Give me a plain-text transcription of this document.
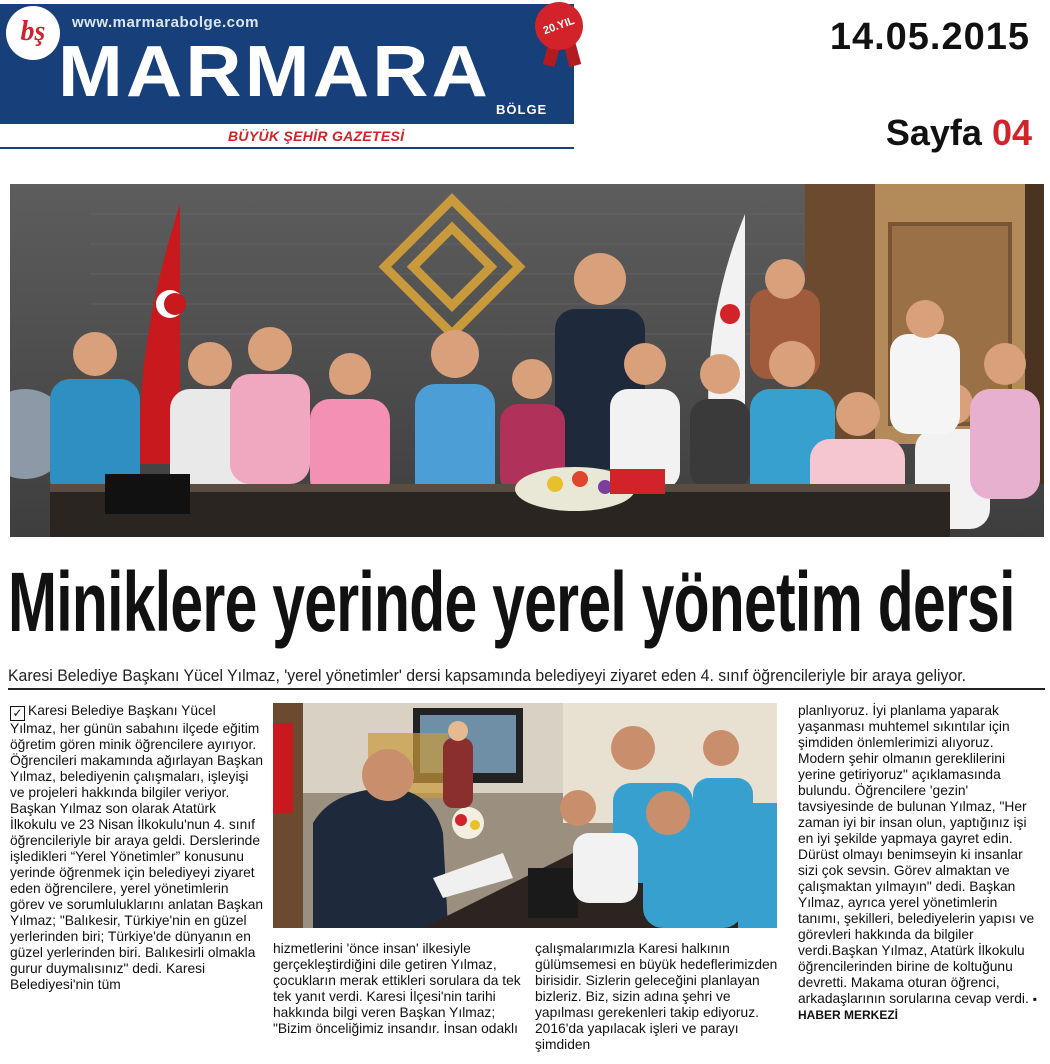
bş	www.marmarabolge.com
MARMARA BÖLGE
20.YIL
BÜYÜK ŞEHİR GAZETESİ
14.05.2015
Sayfa 04
Miniklere yerinde yerel yönetim dersi
Karesi Belediye Başkanı Yücel Yılmaz, 'yerel yönetimler' dersi kapsamında belediyeyi ziyaret eden 4. sınıf öğrencileriyle bir araya geliyor.
✓ Karesi Belediye Başkanı Yücel Yılmaz, her günün sabahını ilçede eğitim öğretim gören minik öğrencilere ayırıyor. Öğrencileri makamında ağırlayan Başkan Yılmaz, belediyenin çalışmaları, işleyişi ve projeleri hakkında bilgiler veriyor. Başkan Yılmaz son olarak Atatürk İlkokulu ve 23 Nisan İlkokulu'nun 4. sınıf öğrencileriyle bir araya geldi. Derslerinde işledikleri “Yerel Yönetimler” konusunu yerinde öğrenmek için belediyeyi ziyaret eden öğrencilere, yerel yönetimlerin görev ve sorumluluklarını anlatan Başkan Yılmaz; "Balıkesir, Türkiye'nin en güzel yerlerinden biri; Türkiye'de dünyanın en güzel yerlerinden biri. Balıkesirli olmakla gurur duymalısınız" dedi. Karesi Belediyesi'nin tüm
hizmetlerini 'önce insan' ilkesiyle gerçekleştirdiğini dile getiren Yılmaz, çocukların merak ettikleri sorulara da tek tek yanıt verdi. Karesi İlçesi'nin tarihi hakkında bilgi veren Başkan Yılmaz; "Bizim önceliğimiz insandır. İnsan odaklı
çalışmalarımızla Karesi halkının gülümsemesi en büyük hedeflerimizden birisidir. Sizlerin geleceğini planlayan bizleriz. Biz, sizin adına şehri ve yapılması gerekenleri takip ediyoruz. 2016'da yapılacak işleri ve parayı şimdiden
planlıyoruz. İyi planlama yaparak yaşanması muhtemel sıkıntılar için şimdiden önlemlerimizi alıyoruz. Modern şehir olmanın gereklilerini yerine getiriyoruz" açıklamasında bulundu. Öğrencilere 'gezin' tavsiyesinde de bulunan Yılmaz, "Her zaman iyi bir insan olun, yaptığınız işi en iyi şekilde yapmaya gayret edin. Dürüst olmayı benimseyin ki insanlar sizi çok sevsin. Görev almaktan ve çalışmaktan yılmayın" dedi. Başkan Yılmaz, ayrıca yerel yönetimlerin tanımı, şekilleri, belediyelerin yapısı ve görevleri hakkında da bilgiler verdi.Başkan Yılmaz, Atatürk İlkokulu öğrencilerinden birine de koltuğunu devretti. Makama oturan öğrenci, arkadaşlarının sorularına cevap verdi. ▪ HABER MERKEZİ
